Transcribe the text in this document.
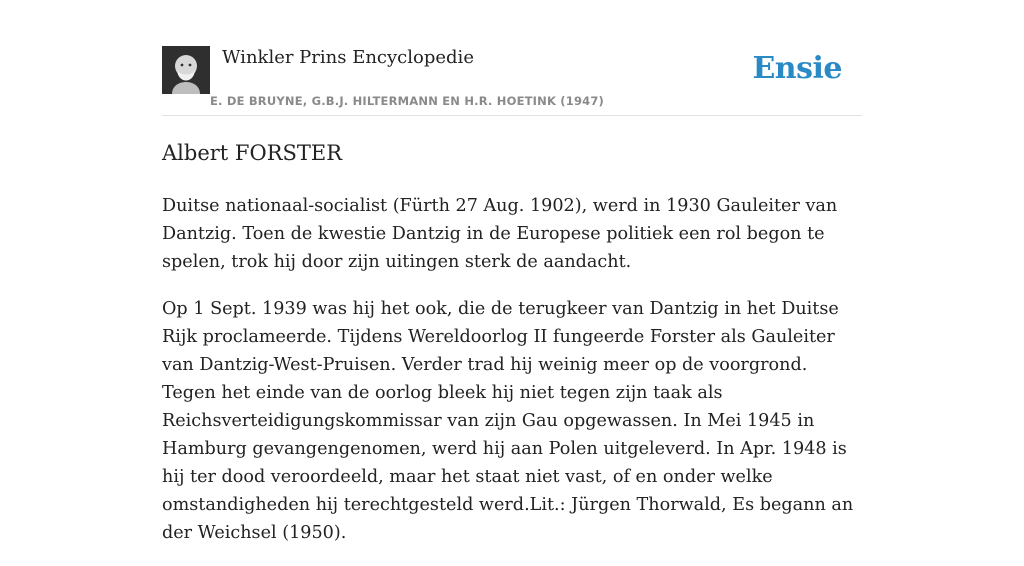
Winkler Prins Encyclopedie
E. DE BRUYNE, G.B.J. HILTERMANN EN H.R. HOETINK (1947)
Ensie
Albert FORSTER

Duitse nationaal-socialist (Fürth 27 Aug. 1902), werd in 1930 Gauleiter van Dantzig. Toen de kwestie Dantzig in de Europese politiek een rol begon te spelen, trok hij door zijn uitingen sterk de aandacht.

Op 1 Sept. 1939 was hij het ook, die de terugkeer van Dantzig in het Duitse Rijk proclameerde. Tijdens Wereldoorlog II fungeerde Forster als Gauleiter van Dantzig-West-Pruisen. Verder trad hij weinig meer op de voorgrond. Tegen het einde van de oorlog bleek hij niet tegen zijn taak als Reichsverteidigungskommissar van zijn Gau opgewassen. In Mei 1945 in Hamburg gevangengenomen, werd hij aan Polen uitgeleverd. In Apr. 1948 is hij ter dood veroordeeld, maar het staat niet vast, of en onder welke omstandigheden hij terechtgesteld werd.Lit.: Jürgen Thorwald, Es begann an der Weichsel (1950).
